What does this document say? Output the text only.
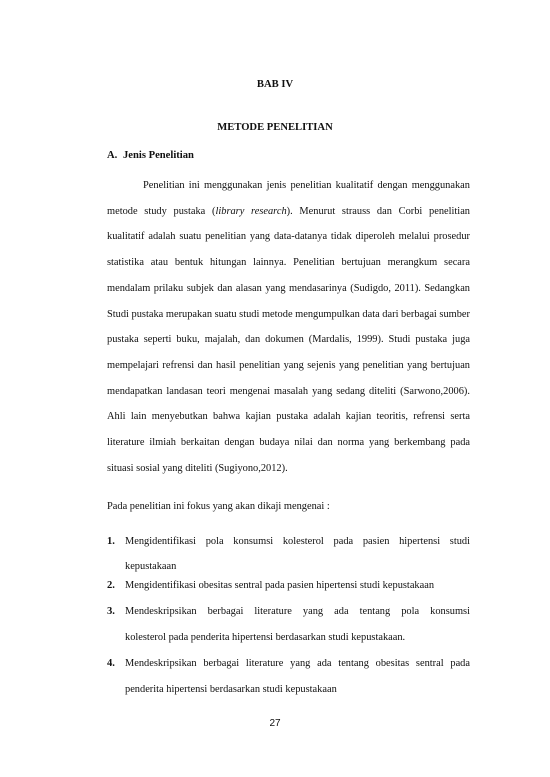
BAB IV
METODE PENELITIAN
A. Jenis Penelitian

Penelitian ini menggunakan jenis penelitian kualitatif dengan menggunakan metode study pustaka (library research). Menurut strauss dan Corbi penelitian kualitatif adalah suatu penelitian yang data-datanya tidak diperoleh melalui prosedur statistika atau bentuk hitungan lainnya. Penelitian bertujuan merangkum secara mendalam prilaku subjek dan alasan yang mendasarinya (Sudigdo, 2011). Sedangkan Studi pustaka merupakan suatu studi metode mengumpulkan data dari berbagai sumber pustaka seperti buku, majalah, dan dokumen (Mardalis, 1999). Studi pustaka juga mempelajari refrensi dan hasil penelitian yang sejenis yang penelitian yang bertujuan mendapatkan landasan teori mengenai masalah yang sedang diteliti (Sarwono,2006). Ahli lain menyebutkan bahwa kajian pustaka adalah kajian teoritis, refrensi serta literature ilmiah berkaitan dengan budaya nilai dan norma yang berkembang pada situasi sosial yang diteliti (Sugiyono,2012).

Pada penelitian ini fokus yang akan dikaji mengenai :
1. Mengidentifikasi pola konsumsi kolesterol pada pasien hipertensi studi
kepustakaan
2. Mengidentifikasi obesitas sentral pada pasien hipertensi studi kepustakaan
3. Mendeskripsikan berbagai literature yang ada tentang pola konsumsi
kolesterol pada penderita hipertensi berdasarkan studi kepustakaan.
4. Mendeskripsikan berbagai literature yang ada tentang obesitas sentral pada
penderita hipertensi berdasarkan studi kepustakaan
27
